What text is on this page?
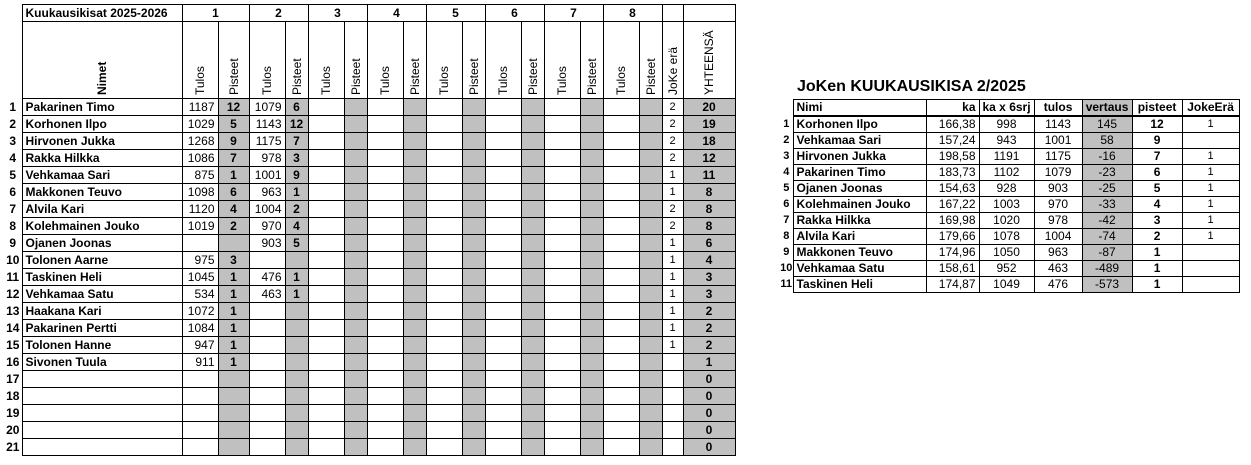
	Kuukausikisat 2025-2026	1		2		3		4		5		6		7		8			

	Nimet	Tulos	Pisteet	Tulos	Pisteet	Tulos	Pisteet	Tulos	Pisteet	Tulos	Pisteet	Tulos	Pisteet	Tulos	Pisteet	Tulos	Pisteet	JoKe erä	YHTEENSÄ

1	Pakarinen Timo	1187	12	1079	6													2	20
2	Korhonen Ilpo	1029	5	1143	12													2	19
3	Hirvonen Jukka	1268	9	1175	7													2	18
4	Rakka Hilkka	1086	7	978	3													2	12
5	Vehkamaa Sari	875	1	1001	9													1	11
6	Makkonen Teuvo	1098	6	963	1													1	8
7	Alvila Kari	1120	4	1004	2													2	8
8	Kolehmainen Jouko	1019	2	970	4													2	8
9	Ojanen Joonas			903	5													1	6
10	Tolonen Aarne	975	3															1	4
11	Taskinen Heli	1045	1	476	1													1	3
12	Vehkamaa Satu	534	1	463	1													1	3
13	Haakana Kari	1072	1															1	2
14	Pakarinen Pertti	1084	1															1	2
15	Tolonen Hanne	947	1															1	2
16	Sivonen Tuula	911	1																1
17																			0
18																			0
19																			0
20																			0
21																			0
JoKen KUUKAUSIKISA 2/2025
	Nimi	ka	ka x 6srj	tulos	vertaus	pisteet	JokeErä
1	Korhonen Ilpo	166,38	998	1143	145	12	1
2	Vehkamaa Sari	157,24	943	1001	58	9	
3	Hirvonen Jukka	198,58	1191	1175	-16	7	1
4	Pakarinen Timo	183,73	1102	1079	-23	6	1
5	Ojanen Joonas	154,63	928	903	-25	5	1
6	Kolehmainen Jouko	167,22	1003	970	-33	4	1
7	Rakka Hilkka	169,98	1020	978	-42	3	1
8	Alvila Kari	179,66	1078	1004	-74	2	1
9	Makkonen Teuvo	174,96	1050	963	-87	1	
10	Vehkamaa Satu	158,61	952	463	-489	1	
11	Taskinen Heli	174,87	1049	476	-573	1	
